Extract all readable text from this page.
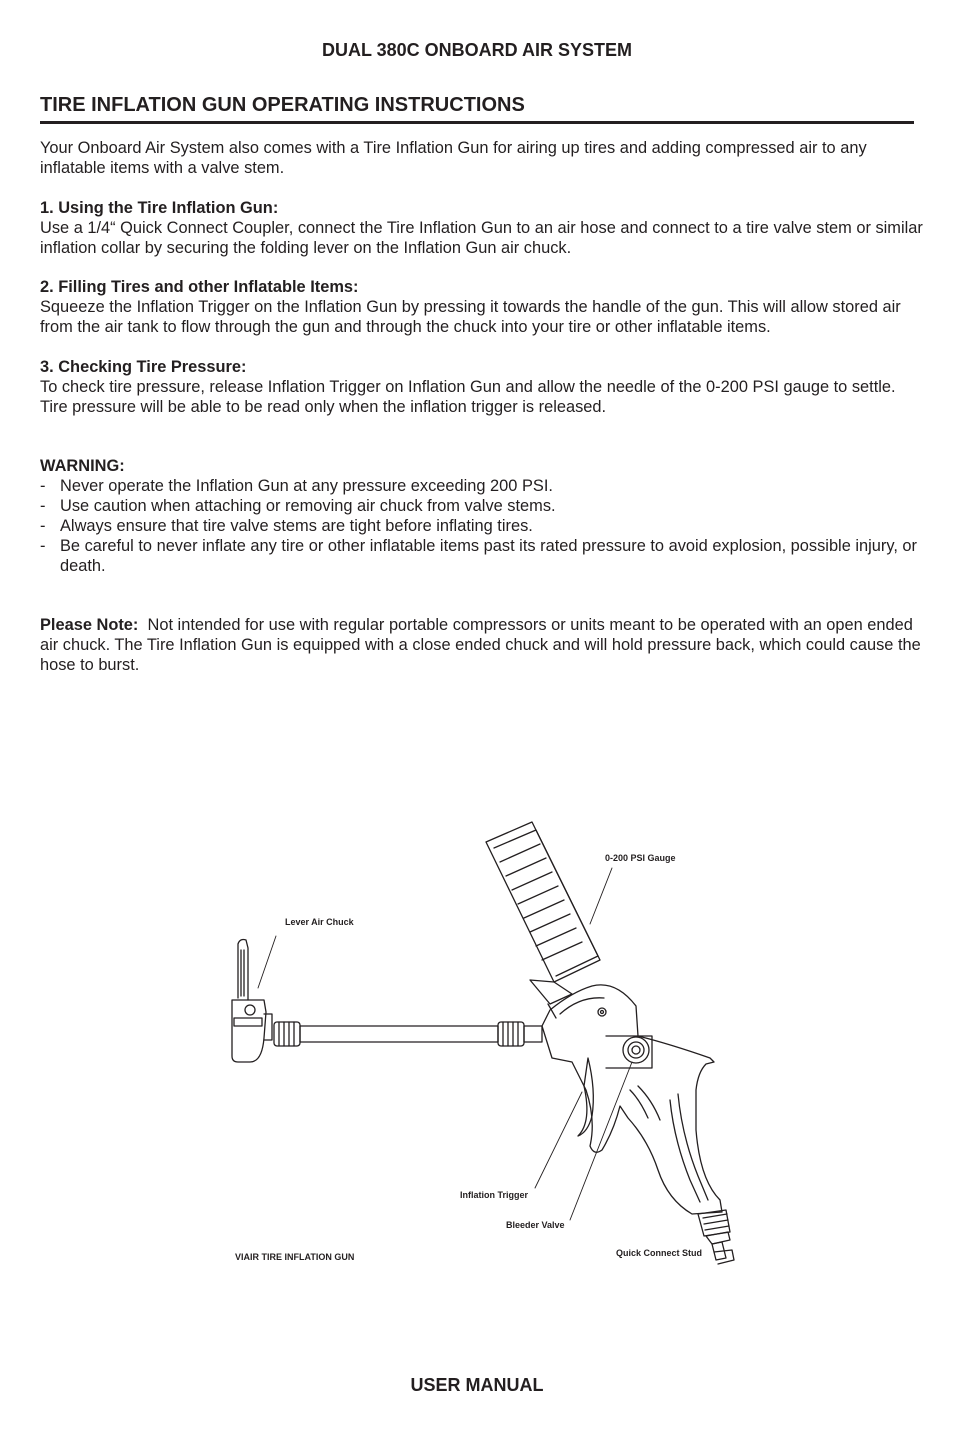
DUAL 380C ONBOARD AIR SYSTEM
TIRE INFLATION GUN OPERATING INSTRUCTIONS
Your Onboard Air System also comes with a Tire Inflation Gun for airing up tires and adding compressed air to any inflatable items with a valve stem.
1. Using the Tire Inflation Gun:
Use a 1/4“ Quick Connect Coupler, connect the Tire Inflation Gun to an air hose and connect to a tire valve stem or similar inflation collar by securing the folding lever on the Inflation Gun air chuck.
2. Filling Tires and other Inflatable Items:
Squeeze the Inflation Trigger on the Inflation Gun by pressing it towards the handle of the gun. This will allow stored air from the air tank to flow through the gun and through the chuck into your tire or other inflatable items.
3. Checking Tire Pressure:
To check tire pressure, release Inflation Trigger on Inflation Gun and allow the needle of the 0-200 PSI gauge to settle. Tire pressure will be able to be read only when the inflation trigger is released.
WARNING:
- Never operate the Inflation Gun at any pressure exceeding 200 PSI.
- Use caution when attaching or removing air chuck from valve stems.
- Always ensure that tire valve stems are tight before inflating tires.
- Be careful to never inflate any tire or other inflatable items past its rated pressure to avoid explosion, possible injury, or death.
Please Note: Not intended for use with regular portable compressors or units meant to be operated with an open ended air chuck. The Tire Inflation Gun is equipped with a close ended chuck and will hold pressure back, which could cause the hose to burst.
0-200 PSI Gauge
Lever Air Chuck
Inflation Trigger
Bleeder Valve
Quick Connect Stud
VIAIR TIRE INFLATION GUN
USER MANUAL
